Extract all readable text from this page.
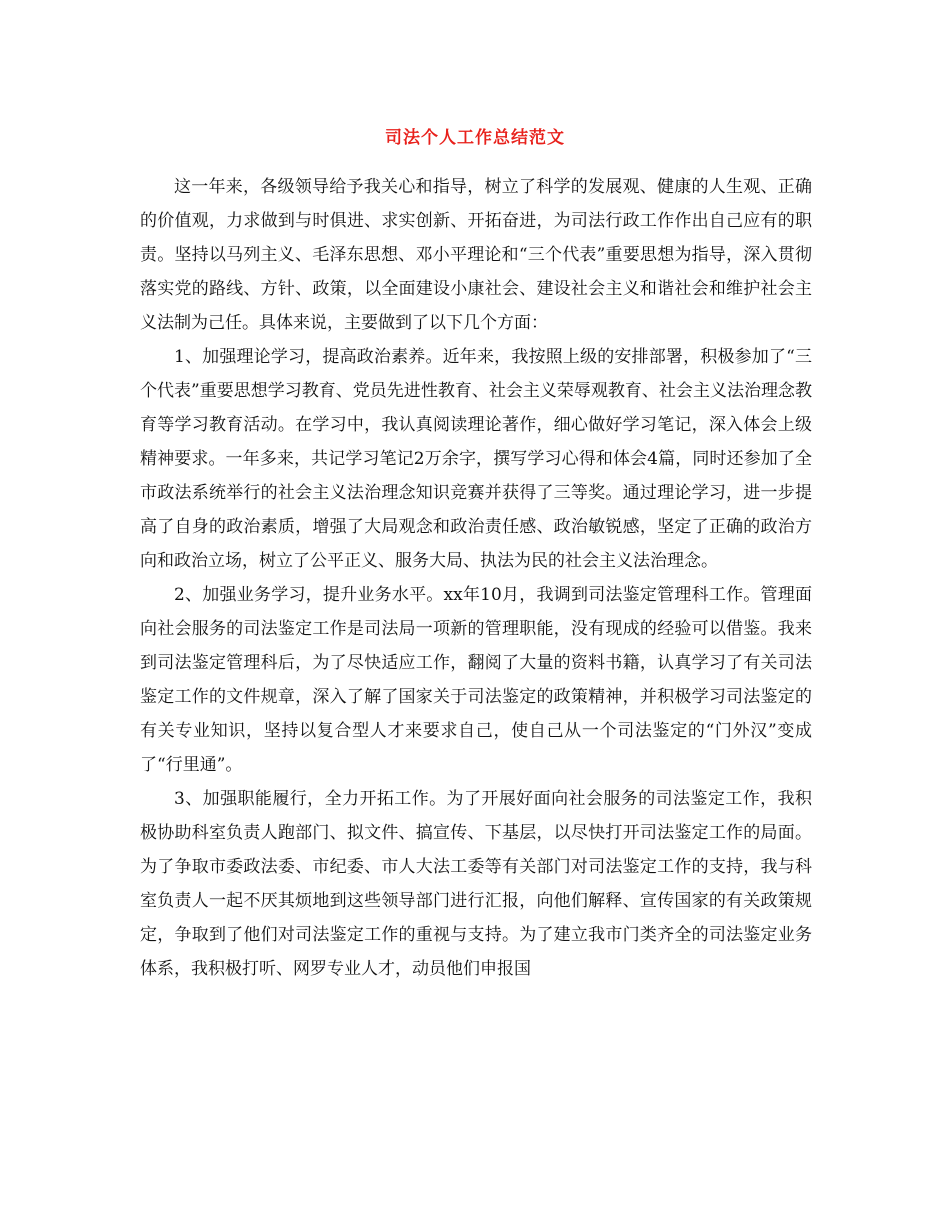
司法个人工作总结范文

这一年来，各级领导给予我关心和指导，树立了科学的发展观、健康的人生观、正确的价值观，力求做到与时俱进、求实创新、开拓奋进，为司法行政工作作出自己应有的职责。坚持以马列主义、毛泽东思想、邓小平理论和“三个代表”重要思想为指导，深入贯彻落实党的路线、方针、政策，以全面建设小康社会、建设社会主义和谐社会和维护社会主义法制为己任。具体来说，主要做到了以下几个方面：

1、加强理论学习，提高政治素养。近年来，我按照上级的安排部署，积极参加了“三个代表”重要思想学习教育、党员先进性教育、社会主义荣辱观教育、社会主义法治理念教育等学习教育活动。在学习中，我认真阅读理论著作，细心做好学习笔记，深入体会上级精神要求。一年多来，共记学习笔记2万余字，撰写学习心得和体会4篇，同时还参加了全市政法系统举行的社会主义法治理念知识竞赛并获得了三等奖。通过理论学习，进一步提高了自身的政治素质，增强了大局观念和政治责任感、政治敏锐感，坚定了正确的政治方向和政治立场，树立了公平正义、服务大局、执法为民的社会主义法治理念。

2、加强业务学习，提升业务水平。xx年10月，我调到司法鉴定管理科工作。管理面向社会服务的司法鉴定工作是司法局一项新的管理职能，没有现成的经验可以借鉴。我来到司法鉴定管理科后，为了尽快适应工作，翻阅了大量的资料书籍，认真学习了有关司法鉴定工作的文件规章，深入了解了国家关于司法鉴定的政策精神，并积极学习司法鉴定的有关专业知识，坚持以复合型人才来要求自己，使自己从一个司法鉴定的“门外汉”变成了“行里通”。

3、加强职能履行，全力开拓工作。为了开展好面向社会服务的司法鉴定工作，我积极协助科室负责人跑部门、拟文件、搞宣传、下基层，以尽快打开司法鉴定工作的局面。为了争取市委政法委、市纪委、市人大法工委等有关部门对司法鉴定工作的支持，我与科室负责人一起不厌其烦地到这些领导部门进行汇报，向他们解释、宣传国家的有关政策规定，争取到了他们对司法鉴定工作的重视与支持。为了建立我市门类齐全的司法鉴定业务体系，我积极打听、网罗专业人才，动员他们申报国
